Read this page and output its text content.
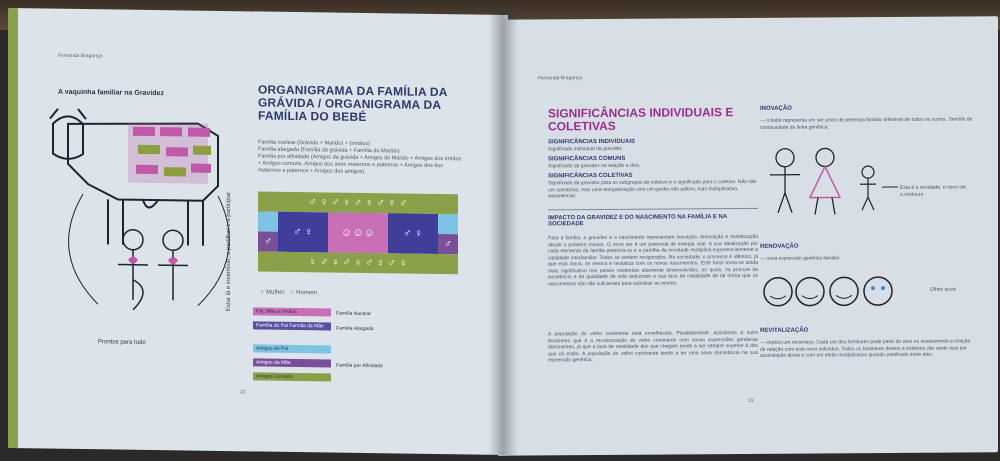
Fernanda Bragança
A vaquinha familiar na Gravidez
Prontos para tudo
Estar lá e incentivar; a partilhar e a participar
ORGANIGRAMA DA FAMÍLIA DA GRÁVIDA / ORGANIGRAMA DA FAMÍLIA DO BEBÉ
Família nuclear (Grávida + Marido) + (Irmãos)
Família alargada (Família da grávida + Família do Marido)
Família por afinidade (Amigos da grávida + Amigos do Marido + Amigos dos irmãos + Amigos comuns, Amigos dos avós maternos e paternos + Amigos dos tios maternos e paternos + Amigos dos amigos).
♂ ♀ ♂ ♀ ♂ ♀ ♂ ♀ ♂
♂ ♀	☺☺☺	♂ ♀
♂	♂
♀ ♂ ♀ ♂ ♀ ♂ ♀ ♂ ♀
♀ Mulher ♂ Homem
Pai, Mãe e Irmãos
Família do Pai Família da Mãe
Amigos do Pai
Amigos da Mãe
Amigos Comuns
Família Nuclear
Família Alargada
Família por Afinidade
22
Fernanda Bragança
SIGNIFICÂNCIAS INDIVIDUAIS E COLETIVAS
SIGNIFICÂNCIAS INDIVIDUAIS
Significado individual da gravidez
SIGNIFICÂNCIAS COMUNS
Significado da gravidez na relação a dois.
SIGNIFICÂNCIAS COLETIVAS
Significado da gravidez para os subgrupos do coletivo e o significado para o coletivo. Não são um somatório, mas uma reorganização com um ganho não aditivo, mas multiplicativo, exponencial.
IMPACTO DA GRAVIDEZ E DO NASCIMENTO NA FAMÍLIA E NA SOCIEDADE
Para a família, a gravidez e o nascimento representam inovação, renovação e revitalização desde o primeiro minuto. O novo ser é um potencial de energia vital. A sua idealização por cada elemento da família potencia-os e a partilha da novidade multiplica exponencialmente a vitalidade intrafamiliar. Todos se sentem revigorados. Na sociedade, o processo é idêntico, já que esta inova, se renova e revitaliza com os novos nascimentos. Este facto torna-se ainda mais significativo nos países ocidentais altamente desenvolvidos, os quais, na procura da excelência e da qualidade de vida reduziram a sua taxa de natalidade de tal forma que os nascimentos não são suficientes para substituir as mortes.
A população do velho continente está envelhecida. Paralelamente, assistimos a outro fenómeno que é a recolonização do velho continente com novas expressões genéticas dominantes, já que a taxa de natalidade dos que chegam tende a ser sempre superior à dos que cá estão. A população do velho continente tende a ter uma nova dominância na sua expressão genética.
INOVAÇÃO
— o bebé representa um ser único de pertença familiar diferente de todos os outros. Sentido de continuidade da linha genética.
Esta é a novidade, o novo ser, o vindouro
RENOVAÇÃO
— nova expressão genética familiar
Olhos azuis
REVITALIZAÇÃO
— implica um recomeço. Cada um dos familiares pode partir do zero no investimento e criação de relação com este novo indivíduo. Todos os familiares diretos e indiretos vão sentir isso por assimilação direta e com um efeito multiplicativo quando partilhado entre eles.
23
